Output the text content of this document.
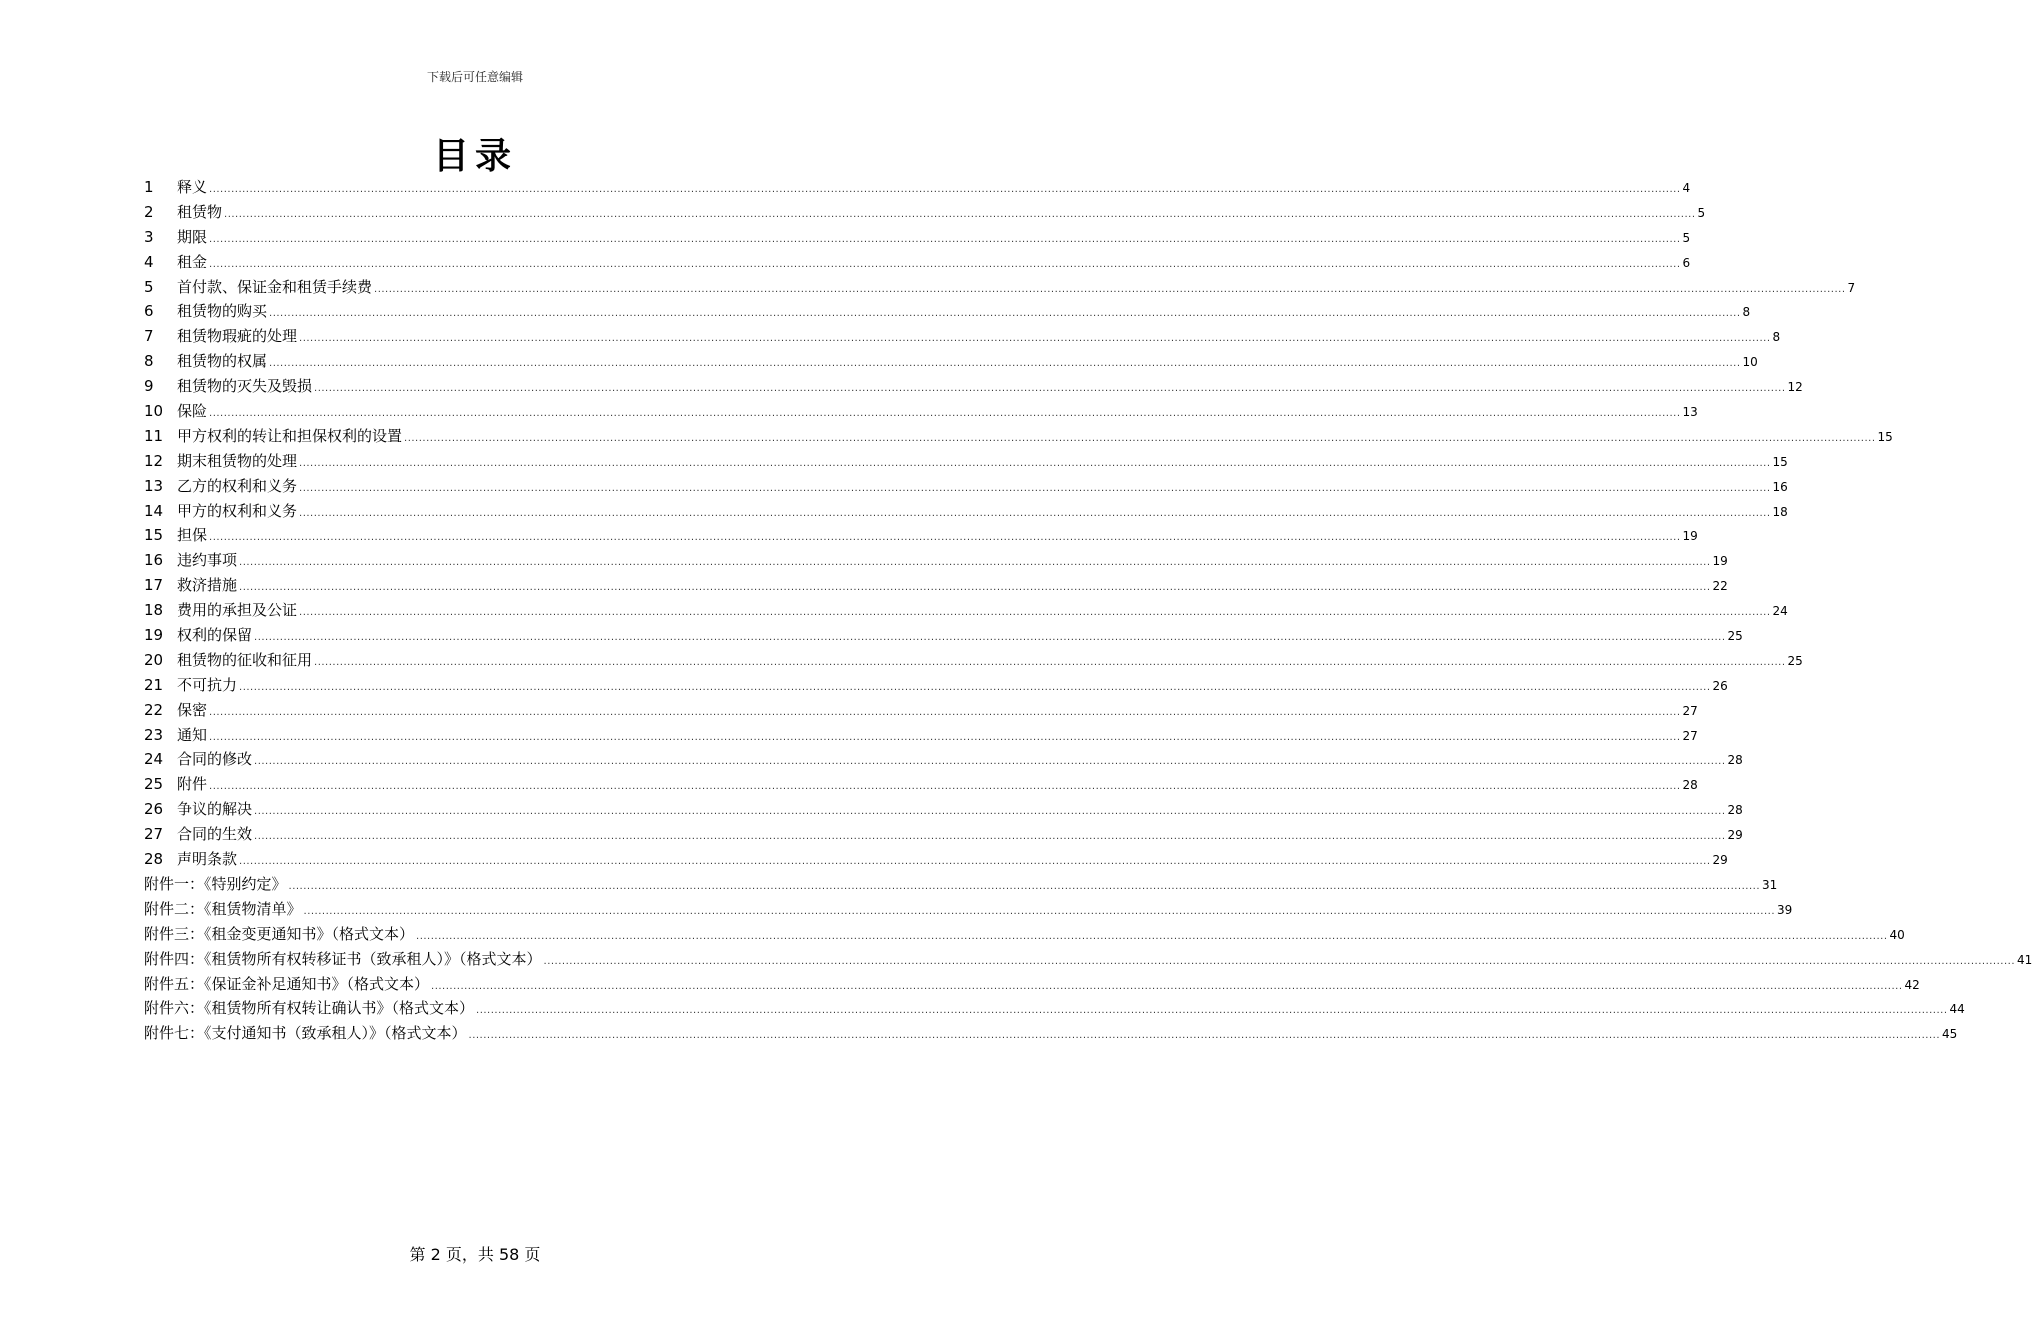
下载后可任意编辑
目录
1	释义 ................................................................................................................................................................................................................................................................................................................................................................................................................ 4
2	租赁物 ................................................................................................................................................................................................................................................................................................................................................................................................................ 5
3	期限 ................................................................................................................................................................................................................................................................................................................................................................................................................ 5
4	租金 ................................................................................................................................................................................................................................................................................................................................................................................................................ 6
5	首付款、保证金和租赁手续费 ................................................................................................................................................................................................................................................................................................................................................................................................................ 7
6	租赁物的购买 ................................................................................................................................................................................................................................................................................................................................................................................................................ 8
7	租赁物瑕疵的处理 ................................................................................................................................................................................................................................................................................................................................................................................................................ 8
8	租赁物的权属 ................................................................................................................................................................................................................................................................................................................................................................................................................ 10
9	租赁物的灭失及毁损 ................................................................................................................................................................................................................................................................................................................................................................................................................ 12
10 保险 ................................................................................................................................................................................................................................................................................................................................................................................................................ 13
11 甲方权利的转让和担保权利的设置 ................................................................................................................................................................................................................................................................................................................................................................................................................ 15
12 期末租赁物的处理 ................................................................................................................................................................................................................................................................................................................................................................................................................ 15
13 乙方的权利和义务 ................................................................................................................................................................................................................................................................................................................................................................................................................ 16
14 甲方的权利和义务 ................................................................................................................................................................................................................................................................................................................................................................................................................ 18
15 担保 ................................................................................................................................................................................................................................................................................................................................................................................................................ 19
16 违约事项 ................................................................................................................................................................................................................................................................................................................................................................................................................ 19
17 救济措施 ................................................................................................................................................................................................................................................................................................................................................................................................................ 22
18 费用的承担及公证 ................................................................................................................................................................................................................................................................................................................................................................................................................ 24
19 权利的保留 ................................................................................................................................................................................................................................................................................................................................................................................................................ 25
20 租赁物的征收和征用 ................................................................................................................................................................................................................................................................................................................................................................................................................ 25
21 不可抗力 ................................................................................................................................................................................................................................................................................................................................................................................................................ 26
22 保密 ................................................................................................................................................................................................................................................................................................................................................................................................................ 27
23 通知 ................................................................................................................................................................................................................................................................................................................................................................................................................ 27
24 合同的修改 ................................................................................................................................................................................................................................................................................................................................................................................................................ 28
25 附件 ................................................................................................................................................................................................................................................................................................................................................................................................................ 28
26 争议的解决 ................................................................................................................................................................................................................................................................................................................................................................................................................ 28
27 合同的生效 ................................................................................................................................................................................................................................................................................................................................................................................................................ 29
28 声明条款 ................................................................................................................................................................................................................................................................................................................................................................................................................ 29
附件一：《特别约定》 ................................................................................................................................................................................................................................................................................................................................................................................................................ 31
附件二：《租赁物清单》 ................................................................................................................................................................................................................................................................................................................................................................................................................ 39
附件三：《租金变更通知书》（格式文本） ................................................................................................................................................................................................................................................................................................................................................................................................................ 40
附件四：《租赁物所有权转移证书（致承租人）》（格式文本） ................................................................................................................................................................................................................................................................................................................................................................................................................ 41
附件五：《保证金补足通知书》（格式文本） ................................................................................................................................................................................................................................................................................................................................................................................................................ 42
附件六：《租赁物所有权转让确认书》（格式文本） ................................................................................................................................................................................................................................................................................................................................................................................................................ 44
附件七：《支付通知书（致承租人）》（格式文本） ................................................................................................................................................................................................................................................................................................................................................................................................................ 45
第 2 页，共 58 页
